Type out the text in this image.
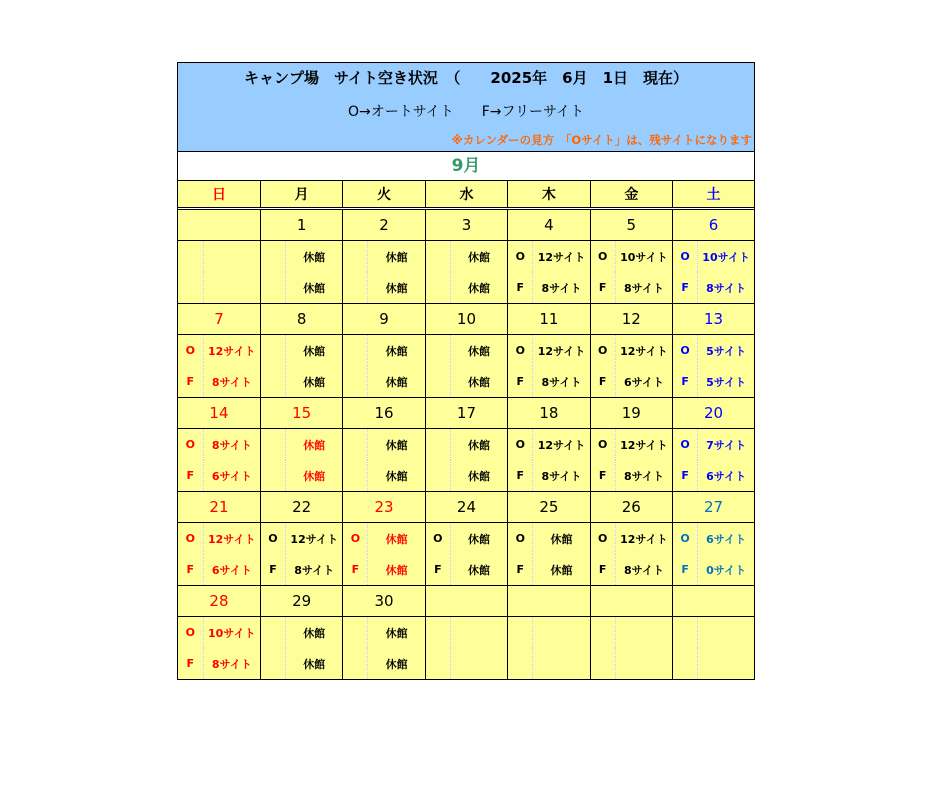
キャンプ場　サイト空き状況　（　　2025年　6月　1日　現在）
O→オートサイト　　F→フリーサイト
※カレンダーの見方　「Oサイト」は、残サイトになります
9月
日		月		火		水		木		金		土	
		1		2		3		4		5		6	
			休館		休館		休館	O	12サイト	O	10サイト	O	10サイト
			休館		休館		休館	F	8サイト	F	8サイト	F	8サイト
7		8		9		10		11		12		13	
O	12サイト		休館		休館		休館	O	12サイト	O	12サイト	O	5サイト
F	8サイト		休館		休館		休館	F	8サイト	F	6サイト	F	5サイト
14		15		16		17		18		19		20	
O	8サイト		休館		休館		休館	O	12サイト	O	12サイト	O	7サイト
F	6サイト		休館		休館		休館	F	8サイト	F	8サイト	F	6サイト
21		22		23		24		25		26		27	
O	12サイト	O	12サイト	O	休館	O	休館	O	休館	O	12サイト	O	6サイト
F	6サイト	F	8サイト	F	休館	F	休館	F	休館	F	8サイト	F	0サイト
28		29		30									
O	10サイト		休館		休館								
F	8サイト		休館		休館								
